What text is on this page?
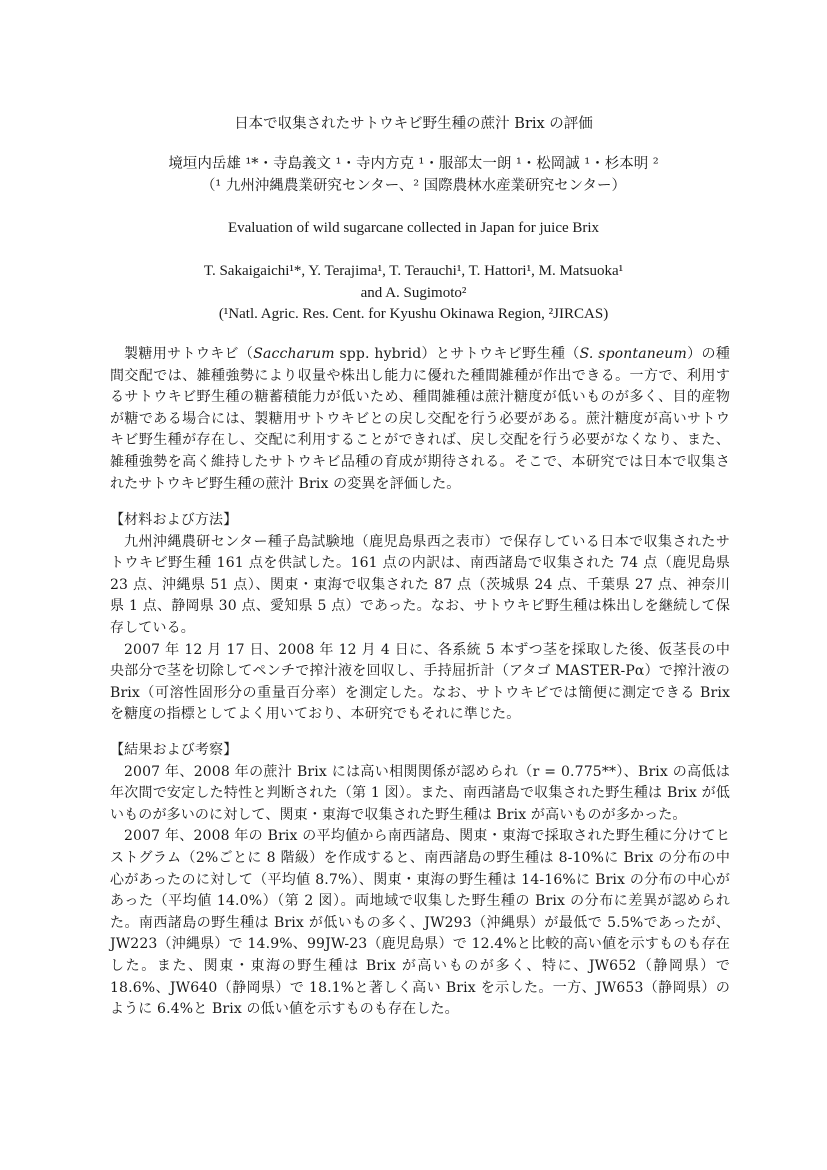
日本で収集されたサトウキビ野生種の蔗汁 Brix の評価
境垣内岳雄 ¹*・寺島義文 ¹・寺内方克 ¹・服部太一朗 ¹・松岡誠 ¹・杉本明 ²
（¹ 九州沖縄農業研究センター、² 国際農林水産業研究センター）
Evaluation of wild sugarcane collected in Japan for juice Brix
T. Sakaigaichi¹*, Y. Terajima¹, T. Terauchi¹, T. Hattori¹, M. Matsuoka¹
and A. Sugimoto²
(¹Natl. Agric. Res. Cent. for Kyushu Okinawa Region, ²JIRCAS)

製糖用サトウキビ（Saccharum spp. hybrid）とサトウキビ野生種（S. spontaneum）の種間交配では、雑種強勢により収量や株出し能力に優れた種間雑種が作出できる。一方で、利用するサトウキビ野生種の糖蓄積能力が低いため、種間雑種は蔗汁糖度が低いものが多く、目的産物が糖である場合には、製糖用サトウキビとの戻し交配を行う必要がある。蔗汁糖度が高いサトウキビ野生種が存在し、交配に利用することができれば、戻し交配を行う必要がなくなり、また、雑種強勢を高く維持したサトウキビ品種の育成が期待される。そこで、本研究では日本で収集されたサトウキビ野生種の蔗汁 Brix の変異を評価した。

【材料および方法】

九州沖縄農研センター種子島試験地（鹿児島県西之表市）で保存している日本で収集されたサトウキビ野生種 161 点を供試した。161 点の内訳は、南西諸島で収集された 74 点（鹿児島県 23 点、沖縄県 51 点）、関東・東海で収集された 87 点（茨城県 24 点、千葉県 27 点、神奈川県 1 点、静岡県 30 点、愛知県 5 点）であった。なお、サトウキビ野生種は株出しを継続して保存している。

2007 年 12 月 17 日、2008 年 12 月 4 日に、各系統 5 本ずつ茎を採取した後、仮茎長の中央部分で茎を切除してペンチで搾汁液を回収し、手持屈折計（アタゴ MASTER-Pα）で搾汁液の Brix（可溶性固形分の重量百分率）を測定した。なお、サトウキビでは簡便に測定できる Brix を糖度の指標としてよく用いており、本研究でもそれに準じた。

【結果および考察】

2007 年、2008 年の蔗汁 Brix には高い相関関係が認められ（r = 0.775**）、Brix の高低は年次間で安定した特性と判断された（第 1 図）。また、南西諸島で収集された野生種は Brix が低いものが多いのに対して、関東・東海で収集された野生種は Brix が高いものが多かった。

2007 年、2008 年の Brix の平均値から南西諸島、関東・東海で採取された野生種に分けてヒストグラム（2%ごとに 8 階級）を作成すると、南西諸島の野生種は 8-10%に Brix の分布の中心があったのに対して（平均値 8.7%）、関東・東海の野生種は 14-16%に Brix の分布の中心があった（平均値 14.0%）（第 2 図）。両地域で収集した野生種の Brix の分布に差異が認められた。南西諸島の野生種は Brix が低いもの多く、JW293（沖縄県）が最低で 5.5%であったが、JW223（沖縄県）で 14.9%、99JW-23（鹿児島県）で 12.4%と比較的高い値を示すものも存在した。また、関東・東海の野生種は Brix が高いものが多く、特に、JW652（静岡県）で 18.6%、JW640（静岡県）で 18.1%と著しく高い Brix を示した。一方、JW653（静岡県）のように 6.4%と Brix の低い値を示すものも存在した。
